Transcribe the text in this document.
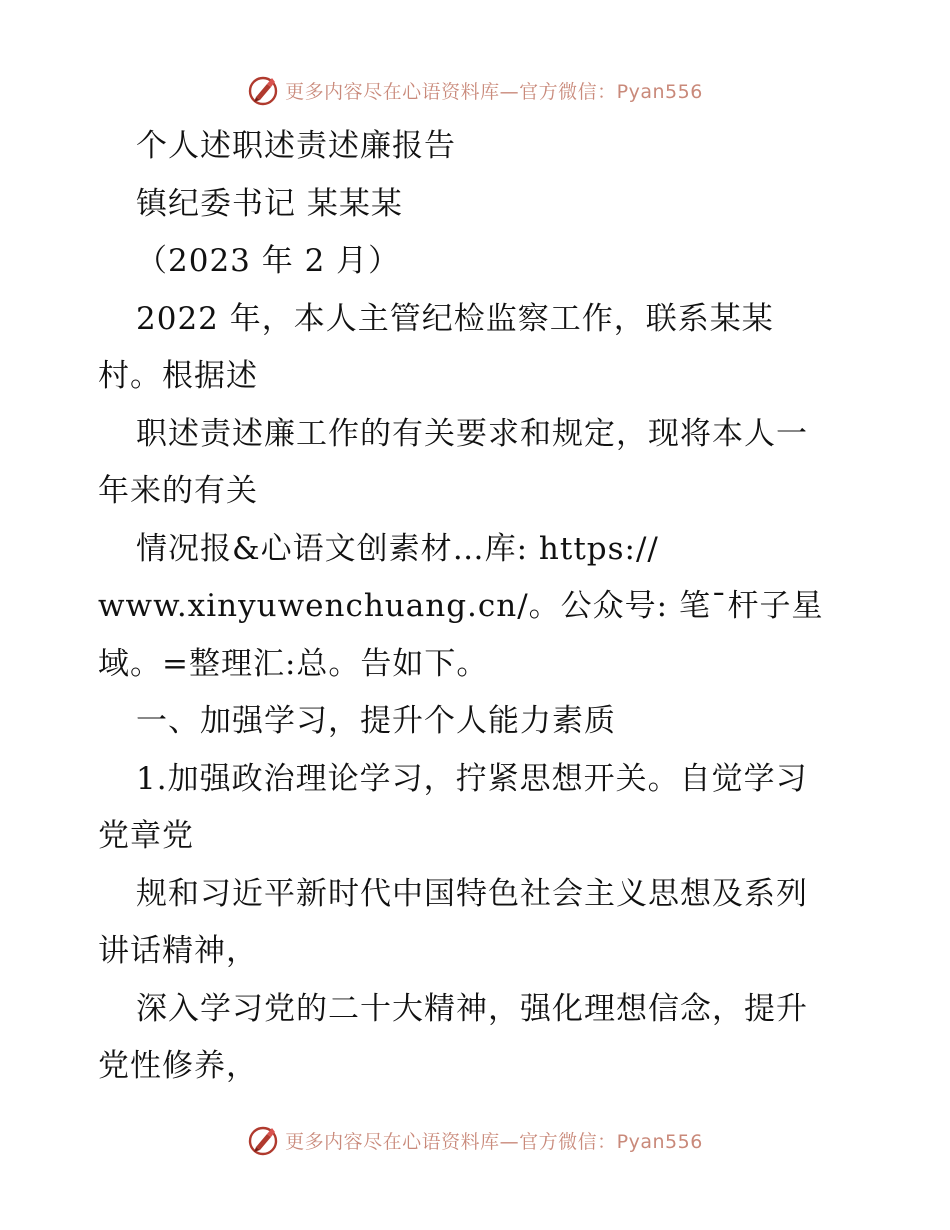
更多内容尽在心语资料库—官方微信：Pyan556
个人述职述责述廉报告
镇纪委书记 某某某
（2023 年 2 月）
2022 年，本人主管纪检监察工作，联系某某
村。根据述
职述责述廉工作的有关要求和规定，现将本人一
年来的有关
情况报&心语文创素材…库: https://
www.xinyuwenchuang.cn/。公众号: 笔¯杆子星
域。=整理汇:总。告如下。
一、加强学习，提升个人能力素质
1.加强政治理论学习，拧紧思想开关。自觉学习
党章党
规和习近平新时代中国特色社会主义思想及系列
讲话精神，
深入学习党的二十大精神，强化理想信念，提升
党性修养，
更多内容尽在心语资料库—官方微信：Pyan556
